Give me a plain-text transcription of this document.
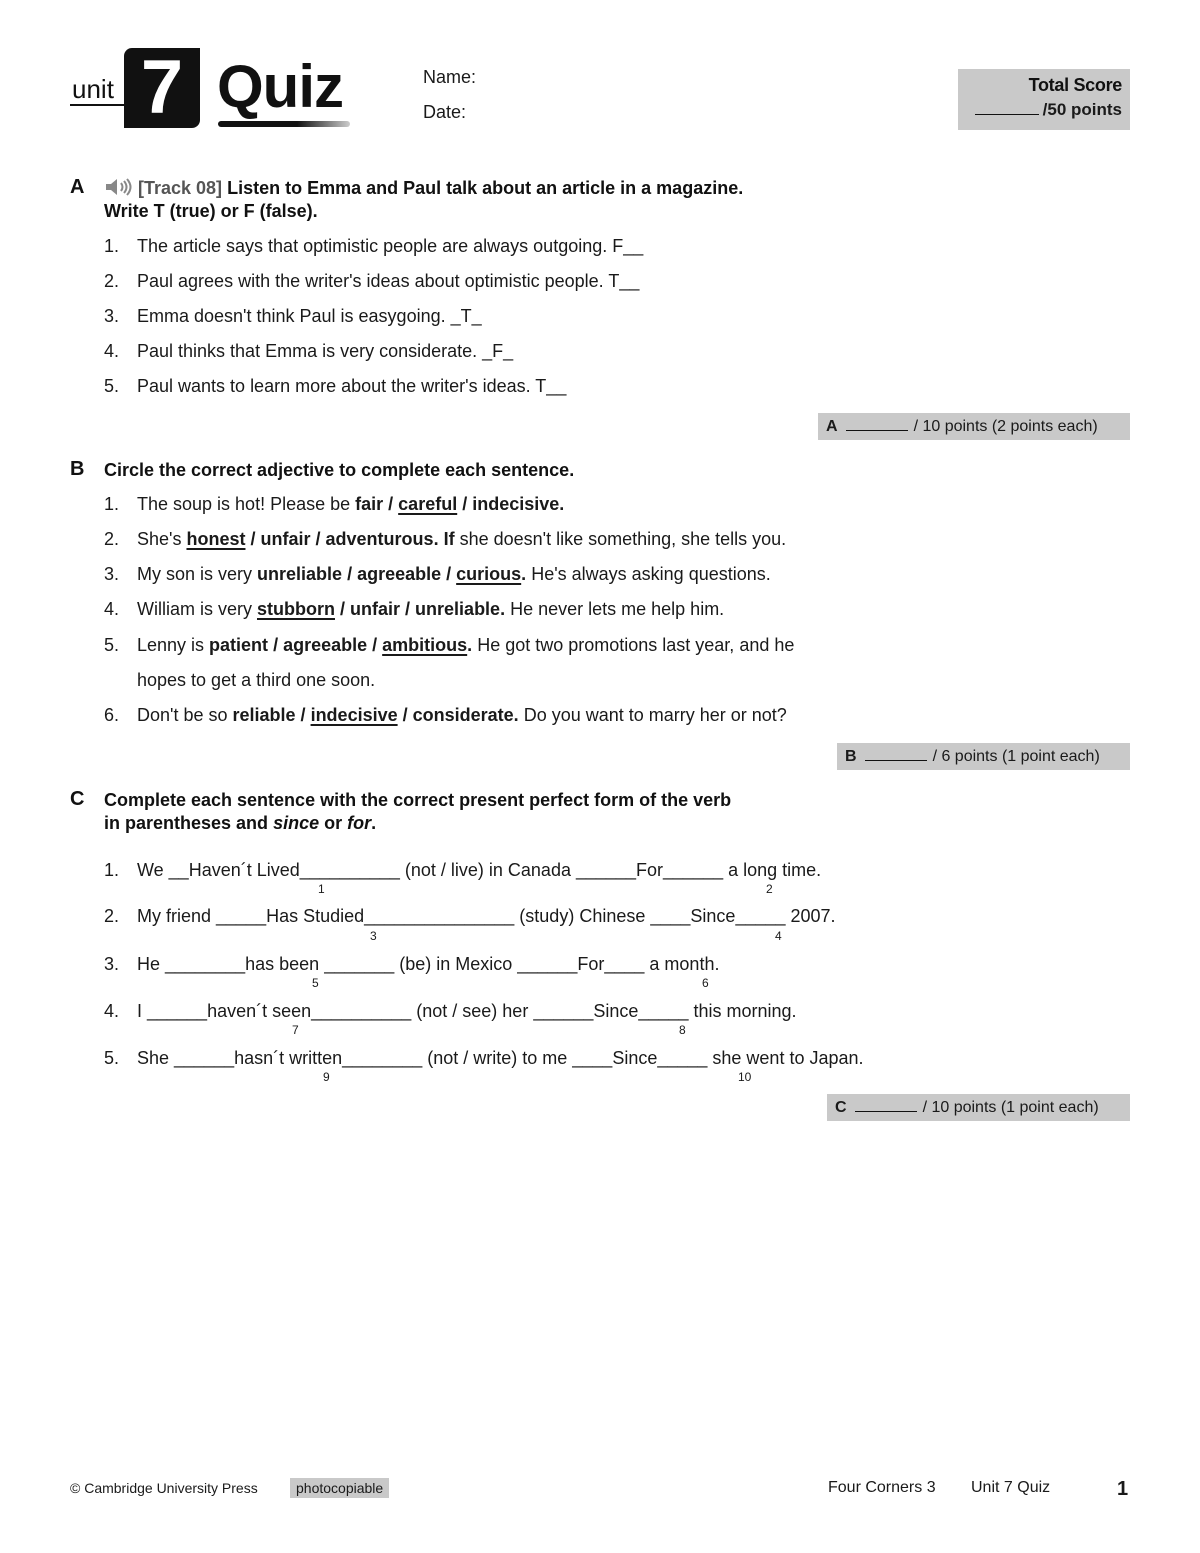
unit 7 Quiz	Name:
Date:
Total Score
/50 points
A	[Track 08] Listen to Emma and Paul talk about an article in a magazine.
Write T (true) or F (false).
1. The article says that optimistic people are always outgoing. F__
2. Paul agrees with the writer's ideas about optimistic people. T__
3. Emma doesn't think Paul is easygoing. _T_
4. Paul thinks that Emma is very considerate. _F_
5. Paul wants to learn more about the writer's ideas. T__
A	/ 10 points (2 points each)
B Circle the correct adjective to complete each sentence.
1. The soup is hot! Please be fair / careful / indecisive.
2. She's honest / unfair / adventurous. If she doesn't like something, she tells you.
3. My son is very unreliable / agreeable / curious. He's always asking questions.
4. William is very stubborn / unfair / unreliable. He never lets me help him.
5. Lenny is patient / agreeable / ambitious. He got two promotions last year, and he
hopes to get a third one soon.
6. Don't be so reliable / indecisive / considerate. Do you want to marry her or not?
B	/ 6 points (1 point each)
C Complete each sentence with the correct present perfect form of the verb
in parentheses and since or for.
1. We __Haven´t Lived__________ (not / live) in Canada ______For______ a long time.
1	2
2. My friend _____Has Studied_______________ (study) Chinese ____Since_____ 2007.
3	4
3. He ________has been _______ (be) in Mexico ______For____ a month.
5	6
4. I ______haven´t seen__________ (not / see) her ______Since_____ this morning.
7	8
5. She ______hasn´t written________ (not / write) to me ____Since_____ she went to Japan.
9	10
C	/ 10 points (1 point each)
© Cambridge University Press	photocopiable	Four Corners 3 Unit 7 Quiz	1
